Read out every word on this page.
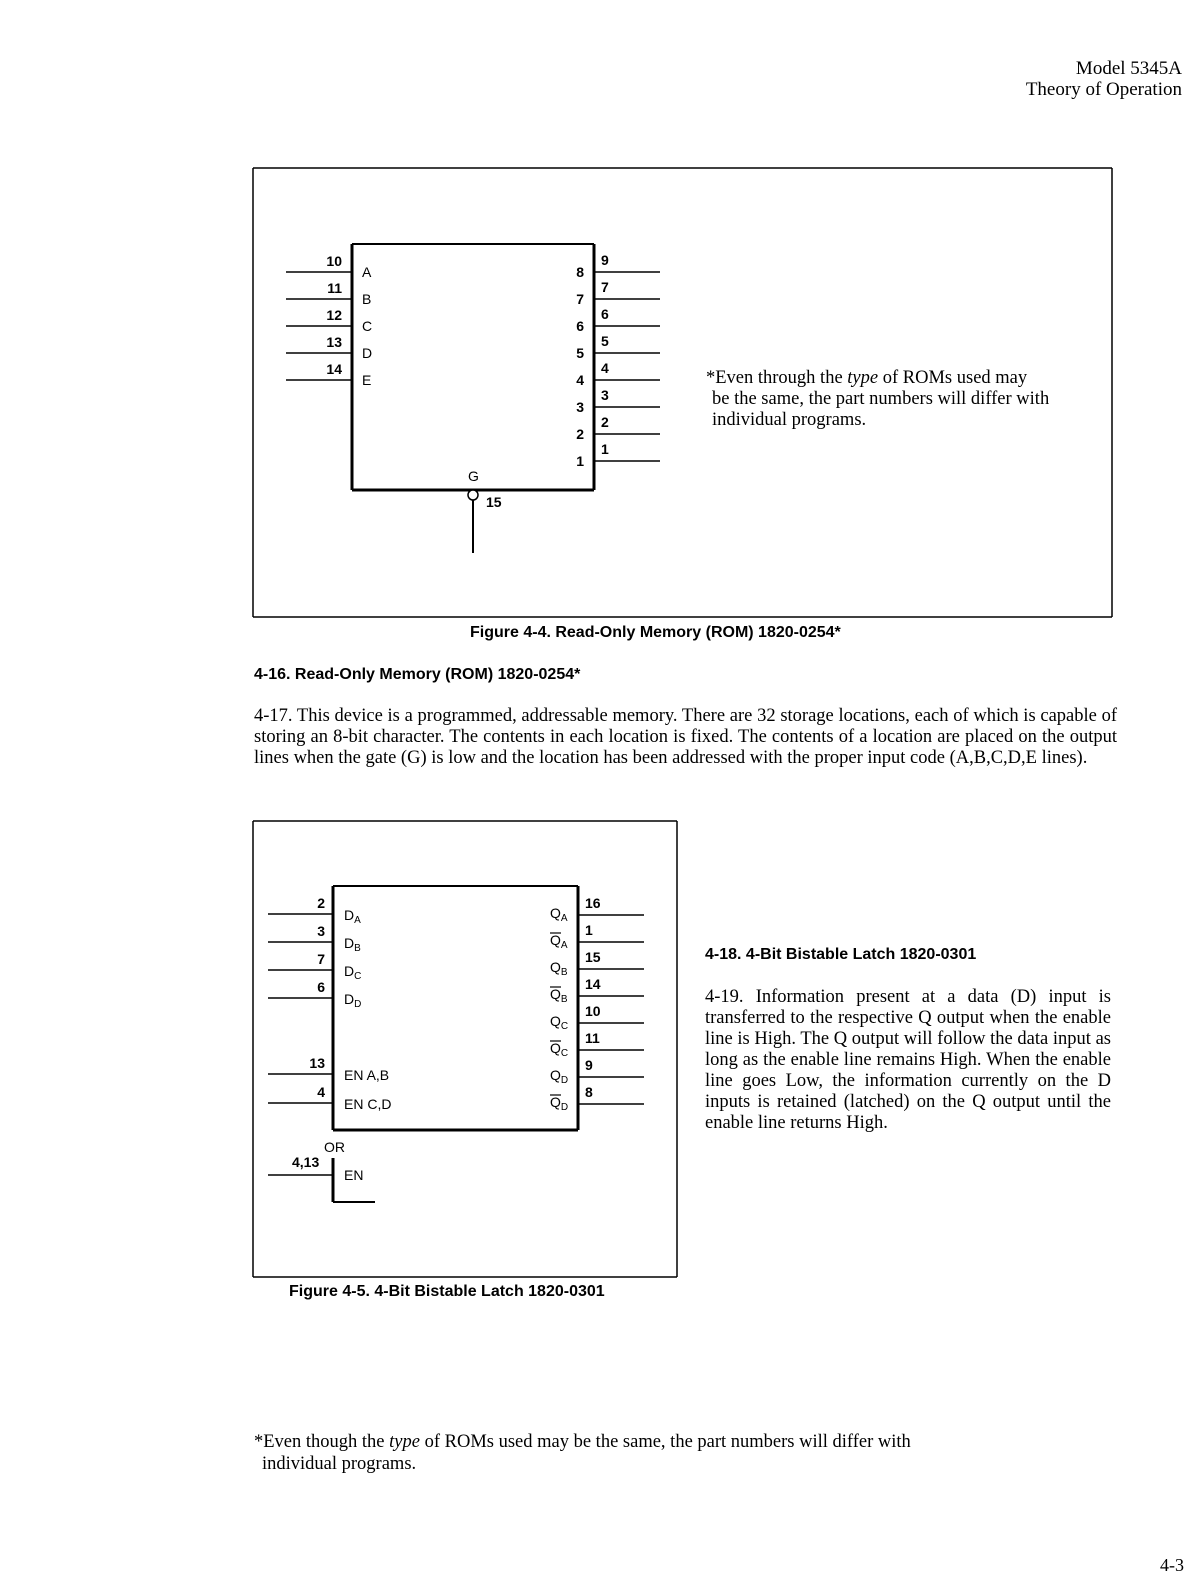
Model 5345A
Theory of Operation
10
A
11
B
12
C
13
D
14
E
9
8
7
7
6
6
5
5
4
4
3
3
2
2
1
1
G
15
*Even through the type of ROMs used may
be the same, the part numbers will differ with
individual programs.
Figure 4-4. Read-Only Memory (ROM) 1820-0254*
4-16. Read-Only Memory (ROM) 1820-0254*
4-17. This device is a programmed, addressable memory. There are 32 storage locations, each of which is capable of storing an 8-bit character. The contents in each location is fixed. The contents of a location are placed on the output lines when the gate (G) is low and the location has been addressed with the proper input code (A,B,C,D,E lines).
2
$D_A$
3
$D_B$
7
$D_C$
6
$D_D$
13
EN A,B
4
EN C,D
16
$Q_A$
1
$Q_A$
15
$Q_B$
14
$Q_B$
10
$Q_C$
11
$Q_C$
9
$Q_D$
8
$Q_D$
OR
4,13
EN
Figure 4-5. 4-Bit Bistable Latch 1820-0301
4-18. 4-Bit Bistable Latch 1820-0301
4-19. Information present at a data (D) input is transferred to the respective Q output when the enable line is High. The Q output will follow the data input as long as the enable line remains High. When the enable line goes Low, the information currently on the D inputs is retained (latched) on the Q output until the enable line returns High.
*Even though the type of ROMs used may be the same, the part numbers will differ with
individual programs.
4-3
